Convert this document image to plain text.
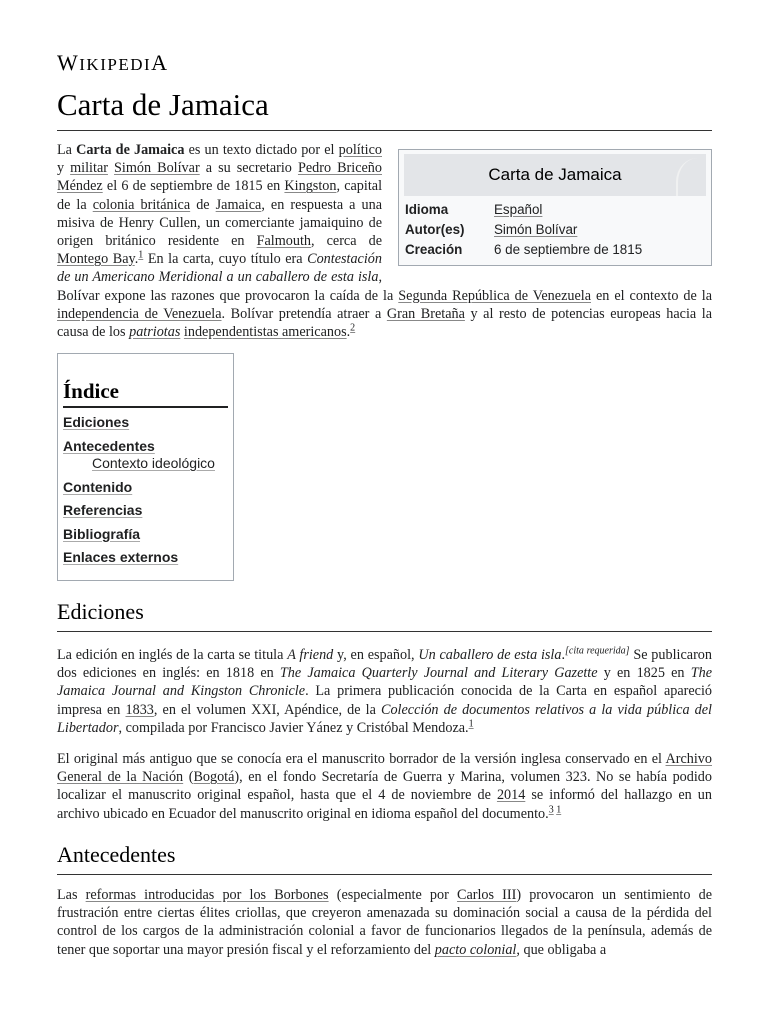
WIKIPEDIA
Carta de Jamaica
Carta de Jamaica
Idioma	Español
Autor(es)	Simón Bolívar
Creación	6 de septiembre de 1815
La Carta de Jamaica es un texto dictado por el político y militar Simón Bolívar a su secretario Pedro Briceño Méndez el 6 de septiembre de 1815 en Kingston, capital de la colonia británica de Jamaica, en respuesta a una misiva de Henry Cullen, un comerciante jamaiquino de origen británico residente en Falmouth, cerca de Montego Bay.$^1$ En la carta, cuyo título era Contestación de un Americano Meridional a un caballero de esta isla, Bolívar expone las razones que provocaron la caída de la Segunda República de Venezuela en el contexto de la independencia de Venezuela. Bolívar pretendía atraer a Gran Bretaña y al resto de potencias europeas hacia la causa de los patriotas independentistas americanos.$^2$
Índice
Ediciones
Antecedentes
Contexto ideológico
Contenido
Referencias
Bibliografía
Enlaces externos
Ediciones

La edición en inglés de la carta se titula A friend y, en español, Un caballero de esta isla.[cita requerida] Se publicaron dos ediciones en inglés: en 1818 en The Jamaica Quarterly Journal and Literary Gazette y en 1825 en The Jamaica Journal and Kingston Chronicle. La primera publicación conocida de la Carta en español apareció impresa en 1833, en el volumen XXI, Apéndice, de la Colección de documentos relativos a la vida pública del Libertador, compilada por Francisco Javier Yánez y Cristóbal Mendoza.$^1$

El original más antiguo que se conocía era el manuscrito borrador de la versión inglesa conservado en el Archivo General de la Nación (Bogotá), en el fondo Secretaría de Guerra y Marina, volumen 323. No se había podido localizar el manuscrito original español, hasta que el 4 de noviembre de 2014 se informó del hallazgo en un archivo ubicado en Ecuador del manuscrito original en idioma español del documento.$^{3 1}$

Antecedentes

Las reformas introducidas por los Borbones (especialmente por Carlos III) provocaron un sentimiento de frustración entre ciertas élites criollas, que creyeron amenazada su dominación social a causa de la pérdida del control de los cargos de la administración colonial a favor de funcionarios llegados de la península, además de tener que soportar una mayor presión fiscal y el reforzamiento del pacto colonial, que obligaba a
